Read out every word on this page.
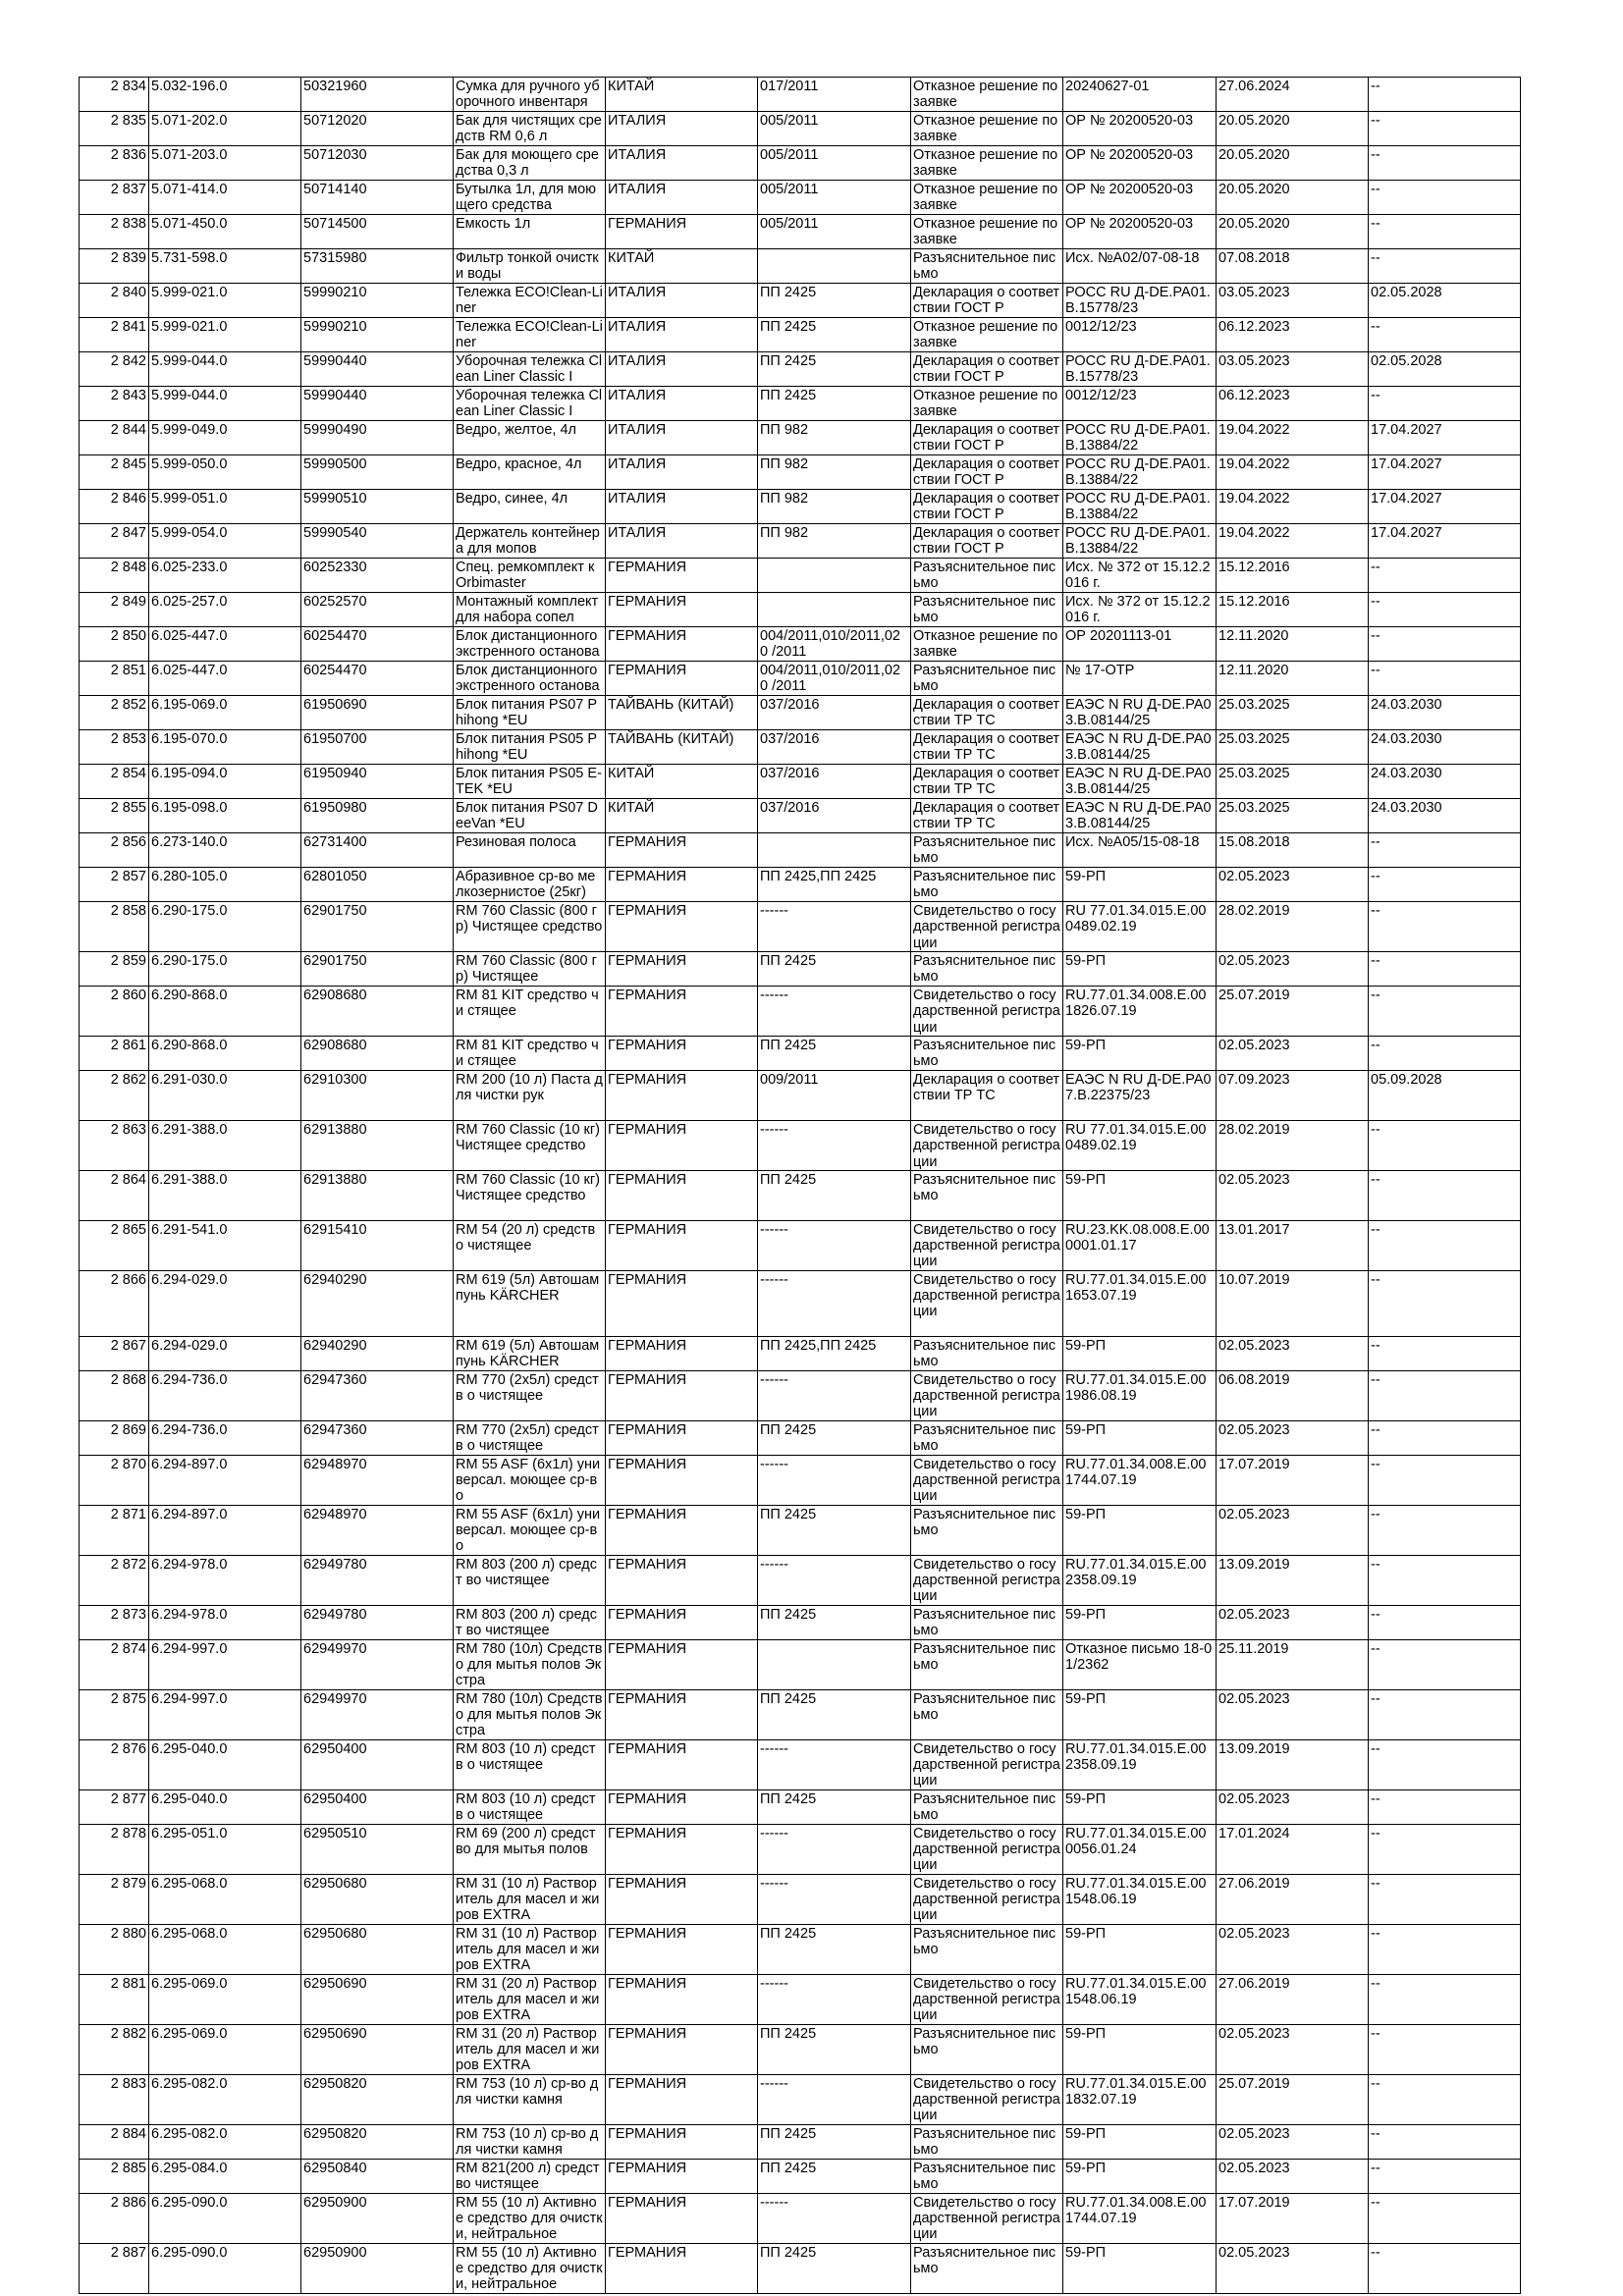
2 834	5.032-196.0	50321960	Сумка для ручного уборочного инвентаря	КИТАЙ	017/2011	Отказное решение по заявке	20240627-01	27.06.2024	--
2 835	5.071-202.0	50712020	Бак для чистящих сре дств RM 0,6 л	ИТАЛИЯ	005/2011	Отказное решение по заявке	ОР № 20200520-03	20.05.2020	--
2 836	5.071-203.0	50712030	Бак для моющего сре дства 0,3 л	ИТАЛИЯ	005/2011	Отказное решение по заявке	ОР № 20200520-03	20.05.2020	--
2 837	5.071-414.0	50714140	Бутылка 1л, для мою щего средства	ИТАЛИЯ	005/2011	Отказное решение по заявке	ОР № 20200520-03	20.05.2020	--
2 838	5.071-450.0	50714500	Емкость 1л	ГЕРМАНИЯ	005/2011	Отказное решение по заявке	ОР № 20200520-03	20.05.2020	--
2 839	5.731-598.0	57315980	Фильтр тонкой очистки воды	КИТАЙ		Разъяснительное письмо	Исх. №А02/07-08-18	07.08.2018	--
2 840	5.999-021.0	59990210	Тележка ECO!Clean-Liner	ИТАЛИЯ	ПП 2425	Декларация о соответствии ГОСТ Р	РОСС RU Д-DE.PA01.B.15778/23	03.05.2023	02.05.2028
2 841	5.999-021.0	59990210	Тележка ECO!Clean-Liner	ИТАЛИЯ	ПП 2425	Отказное решение по заявке	0012/12/23	06.12.2023	--
2 842	5.999-044.0	59990440	Уборочная тележка Clean Liner Classic I	ИТАЛИЯ	ПП 2425	Декларация о соответствии ГОСТ Р	РОСС RU Д-DE.PA01.B.15778/23	03.05.2023	02.05.2028
2 843	5.999-044.0	59990440	Уборочная тележка Clean Liner Classic I	ИТАЛИЯ	ПП 2425	Отказное решение по заявке	0012/12/23	06.12.2023	--
2 844	5.999-049.0	59990490	Ведро, желтое, 4л	ИТАЛИЯ	ПП 982	Декларация о соответствии ГОСТ Р	РОСС RU Д-DE.PA01.B.13884/22	19.04.2022	17.04.2027
2 845	5.999-050.0	59990500	Ведро, красное, 4л	ИТАЛИЯ	ПП 982	Декларация о соответствии ГОСТ Р	РОСС RU Д-DE.PA01.B.13884/22	19.04.2022	17.04.2027
2 846	5.999-051.0	59990510	Ведро, синее, 4л	ИТАЛИЯ	ПП 982	Декларация о соответствии ГОСТ Р	РОСС RU Д-DE.PA01.B.13884/22	19.04.2022	17.04.2027
2 847	5.999-054.0	59990540	Держатель контейнера для мопов	ИТАЛИЯ	ПП 982	Декларация о соответствии ГОСТ Р	РОСС RU Д-DE.PA01.B.13884/22	19.04.2022	17.04.2027
2 848	6.025-233.0	60252330	Спец. ремкомплект к Orbimaster	ГЕРМАНИЯ		Разъяснительное письмо	Исх. № 372 от 15.12.2016 г.	15.12.2016	--
2 849	6.025-257.0	60252570	Монтажный комплект для набора сопел	ГЕРМАНИЯ		Разъяснительное письмо	Исх. № 372 от 15.12.2016 г.	15.12.2016	--
2 850	6.025-447.0	60254470	Блок дистанционного экстренного останова	ГЕРМАНИЯ	004/2011,010/2011,020 /2011	Отказное решение по заявке	ОР 20201113-01	12.11.2020	--
2 851	6.025-447.0	60254470	Блок дистанционного экстренного останова	ГЕРМАНИЯ	004/2011,010/2011,020 /2011	Разъяснительное письмо	№ 17-ОТР	12.11.2020	--
2 852	6.195-069.0	61950690	Блок питания PS07 Phihong *EU	ТАЙВАНЬ (КИТАЙ)	037/2016	Декларация о соответствии ТР ТС	ЕАЭС N RU Д-DE.PA03.B.08144/25	25.03.2025	24.03.2030
2 853	6.195-070.0	61950700	Блок питания PS05 Phihong *EU	ТАЙВАНЬ (КИТАЙ)	037/2016	Декларация о соответствии ТР ТС	ЕАЭС N RU Д-DE.PA03.B.08144/25	25.03.2025	24.03.2030
2 854	6.195-094.0	61950940	Блок питания PS05 E-TEK *EU	КИТАЙ	037/2016	Декларация о соответствии ТР ТС	ЕАЭС N RU Д-DE.PA03.B.08144/25	25.03.2025	24.03.2030
2 855	6.195-098.0	61950980	Блок питания PS07 DeeVan *EU	КИТАЙ	037/2016	Декларация о соответствии ТР ТС	ЕАЭС N RU Д-DE.PA03.B.08144/25	25.03.2025	24.03.2030
2 856	6.273-140.0	62731400	Резиновая полоса	ГЕРМАНИЯ		Разъяснительное письмо	Исх. №А05/15-08-18	15.08.2018	--
2 857	6.280-105.0	62801050	Абразивное ср-во мелкозернистое (25кг)	ГЕРМАНИЯ	ПП 2425,ПП 2425	Разъяснительное письмо	59-РП	02.05.2023	--
2 858	6.290-175.0	62901750	RM 760 Classic (800 гр) Чистящее средство	ГЕРМАНИЯ	------	Свидетельство о государственной регистрации	RU 77.01.34.015.E.000489.02.19	28.02.2019	--
2 859	6.290-175.0	62901750	RM 760 Classic (800 гр) Чистящее	ГЕРМАНИЯ	ПП 2425	Разъяснительное письмо	59-РП	02.05.2023	--
2 860	6.290-868.0	62908680	RM 81 KIT средство чи стящее	ГЕРМАНИЯ	------	Свидетельство о государственной регистрации	RU.77.01.34.008.E.001826.07.19	25.07.2019	--
2 861	6.290-868.0	62908680	RM 81 KIT средство чи стящее	ГЕРМАНИЯ	ПП 2425	Разъяснительное письмо	59-РП	02.05.2023	--
2 862	6.291-030.0	62910300	RM 200 (10 л) Паста для чистки рук	ГЕРМАНИЯ	009/2011	Декларация о соответствии ТР ТС	ЕАЭС N RU Д-DE.PA07.B.22375/23	07.09.2023	05.09.2028
2 863	6.291-388.0	62913880	RM 760 Classic (10 кг) Чистящее средство	ГЕРМАНИЯ	------	Свидетельство о государственной регистрации	RU 77.01.34.015.E.000489.02.19	28.02.2019	--
2 864	6.291-388.0	62913880	RM 760 Classic (10 кг) Чистящее средство	ГЕРМАНИЯ	ПП 2425	Разъяснительное письмо	59-РП	02.05.2023	--
2 865	6.291-541.0	62915410	RM 54 (20 л) средство чистящее	ГЕРМАНИЯ	------	Свидетельство о государственной регистрации	RU.23.KK.08.008.E.000001.01.17	13.01.2017	--
2 866	6.294-029.0	62940290	RM 619 (5л) Автошампунь KÄRCHER	ГЕРМАНИЯ	------	Свидетельство о государственной регистрации	RU.77.01.34.015.E.001653.07.19	10.07.2019	--
2 867	6.294-029.0	62940290	RM 619 (5л) Автошампунь KÄRCHER	ГЕРМАНИЯ	ПП 2425,ПП 2425	Разъяснительное письмо	59-РП	02.05.2023	--
2 868	6.294-736.0	62947360	RM 770 (2х5л) средств о чистящее	ГЕРМАНИЯ	------	Свидетельство о государственной регистрации	RU.77.01.34.015.E.001986.08.19	06.08.2019	--
2 869	6.294-736.0	62947360	RM 770 (2х5л) средств о чистящее	ГЕРМАНИЯ	ПП 2425	Разъяснительное письмо	59-РП	02.05.2023	--
2 870	6.294-897.0	62948970	RM 55 ASF (6х1л) уни версал. моющее ср-во	ГЕРМАНИЯ	------	Свидетельство о государственной регистрации	RU.77.01.34.008.E.001744.07.19	17.07.2019	--
2 871	6.294-897.0	62948970	RM 55 ASF (6х1л) уни версал. моющее ср-во	ГЕРМАНИЯ	ПП 2425	Разъяснительное письмо	59-РП	02.05.2023	--
2 872	6.294-978.0	62949780	RM 803 (200 л) средст во чистящее	ГЕРМАНИЯ	------	Свидетельство о государственной регистрации	RU.77.01.34.015.E.002358.09.19	13.09.2019	--
2 873	6.294-978.0	62949780	RM 803 (200 л) средст во чистящее	ГЕРМАНИЯ	ПП 2425	Разъяснительное письмо	59-РП	02.05.2023	--
2 874	6.294-997.0	62949970	RM 780 (10л) Средство для мытья полов Экстра	ГЕРМАНИЯ		Разъяснительное письмо	Отказное письмо 18-01/2362	25.11.2019	--
2 875	6.294-997.0	62949970	RM 780 (10л) Средство для мытья полов Экстра	ГЕРМАНИЯ	ПП 2425	Разъяснительное письмо	59-РП	02.05.2023	--
2 876	6.295-040.0	62950400	RM 803 (10 л) средств о чистящее	ГЕРМАНИЯ	------	Свидетельство о государственной регистрации	RU.77.01.34.015.E.002358.09.19	13.09.2019	--
2 877	6.295-040.0	62950400	RM 803 (10 л) средств о чистящее	ГЕРМАНИЯ	ПП 2425	Разъяснительное письмо	59-РП	02.05.2023	--
2 878	6.295-051.0	62950510	RM 69 (200 л) средство для мытья полов	ГЕРМАНИЯ	------	Свидетельство о государственной регистрации	RU.77.01.34.015.E.000056.01.24	17.01.2024	--
2 879	6.295-068.0	62950680	RM 31 (10 л) Растворитель для масел и жиров EXTRA	ГЕРМАНИЯ	------	Свидетельство о государственной регистрации	RU.77.01.34.015.E.001548.06.19	27.06.2019	--
2 880	6.295-068.0	62950680	RM 31 (10 л) Растворитель для масел и жиров EXTRA	ГЕРМАНИЯ	ПП 2425	Разъяснительное письмо	59-РП	02.05.2023	--
2 881	6.295-069.0	62950690	RM 31 (20 л) Растворитель для масел и жиров EXTRA	ГЕРМАНИЯ	------	Свидетельство о государственной регистрации	RU.77.01.34.015.E.001548.06.19	27.06.2019	--
2 882	6.295-069.0	62950690	RM 31 (20 л) Растворитель для масел и жиров EXTRA	ГЕРМАНИЯ	ПП 2425	Разъяснительное письмо	59-РП	02.05.2023	--
2 883	6.295-082.0	62950820	RM 753 (10 л) ср-во для чистки камня	ГЕРМАНИЯ	------	Свидетельство о государственной регистрации	RU.77.01.34.015.E.001832.07.19	25.07.2019	--
2 884	6.295-082.0	62950820	RM 753 (10 л) ср-во для чистки камня	ГЕРМАНИЯ	ПП 2425	Разъяснительное письмо	59-РП	02.05.2023	--
2 885	6.295-084.0	62950840	RM 821(200 л) средство чистящее	ГЕРМАНИЯ	ПП 2425	Разъяснительное письмо	59-РП	02.05.2023	--
2 886	6.295-090.0	62950900	RM 55 (10 л) Активное средство для очистки, нейтральное	ГЕРМАНИЯ	------	Свидетельство о государственной регистрации	RU.77.01.34.008.E.001744.07.19	17.07.2019	--
2 887	6.295-090.0	62950900	RM 55 (10 л) Активное средство для очистки, нейтральное	ГЕРМАНИЯ	ПП 2425	Разъяснительное письмо	59-РП	02.05.2023	--
